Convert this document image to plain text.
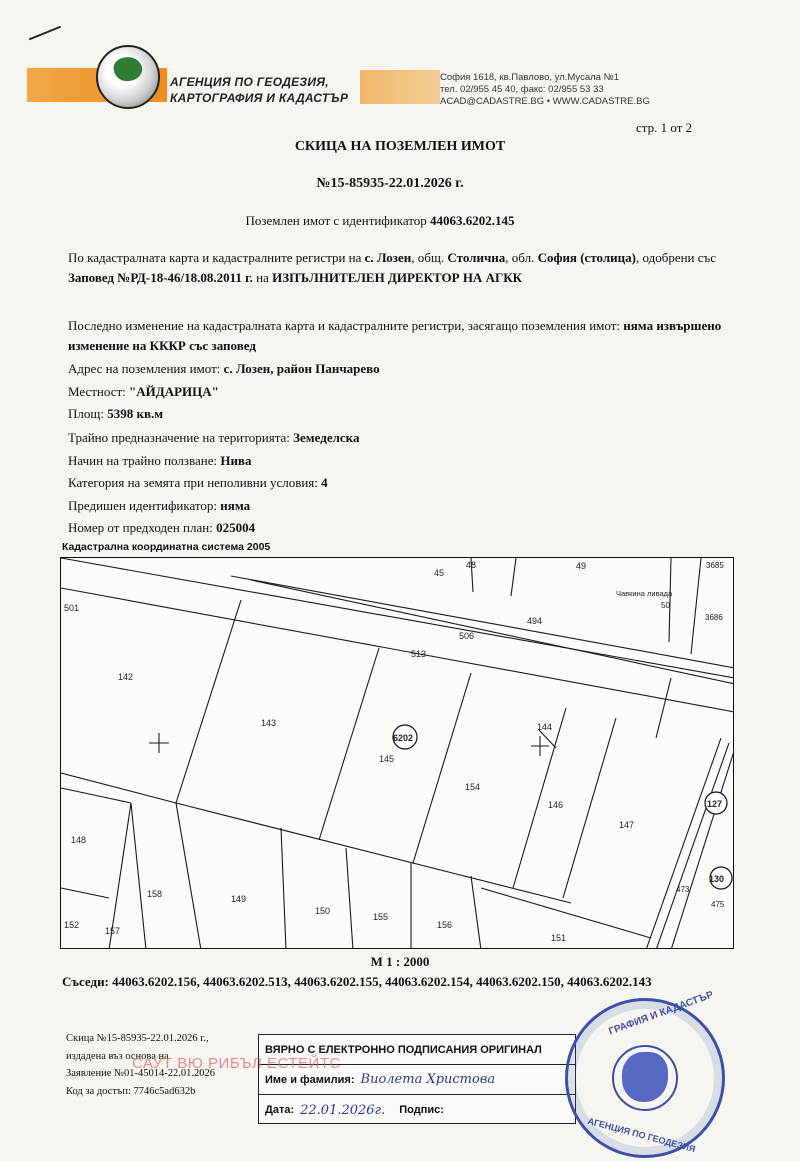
АГЕНЦИЯ ПО ГЕОДЕЗИЯ,
КАРТОГРАФИЯ И КАДАСТЪР
София 1618, кв.Павлово, ул.Мусала №1
тел. 02/955 45 40, факс: 02/955 53 33
ACAD@CADASTRE.BG • WWW.CADASTRE.BG
стр. 1 от 2
СКИЦА НА ПОЗЕМЛЕН ИМОТ
№15-85935-22.01.2026 г.
Поземлен имот с идентификатор 44063.6202.145
По кадастралната карта и кадастралните регистри на с. Лозен, общ. Столична, обл. София (столица), одобрени със Заповед №РД-18-46/18.08.2011 г. на ИЗПЪЛНИТЕЛЕН ДИРЕКТОР НА АГКК
Последно изменение на кадастралната карта и кадастралните регистри, засягащо поземления имот: няма извършено изменение на КККР със заповед
Адрес на поземления имот: с. Лозен, район Панчарево
Местност: "АЙДАРИЦА"
Площ: 5398 кв.м
Трайно предназначение на територията: Земеделска
Начин на трайно ползване: Нива
Категория на земята при неполивни условия: 4
Предишен идентификатор: няма
Номер от предходен план: 025004
Кадастрална координатна система 2005
45
48	49	3685
501
494
Чавкина ливада
50
3686
506
513
142
143
6202
145
144
154
146
147
127
130
148
158	149
150
155
156
151
152
157
473
475
М 1 : 2000
Съседи: 44063.6202.156, 44063.6202.513, 44063.6202.155, 44063.6202.154, 44063.6202.150, 44063.6202.143
Скица №15-85935-22.01.2026 г.,
издадена въз основа на
Заявление №01-45014-22.01.2026
Код за достъп: 7746c5ad632b
ВЯРНО С ЕЛЕКТРОННО ПОДПИСАНИЯ ОРИГИНАЛ
Име и фамилия: Виолета Христова
Дата: 22.01.2026г. Подпис:
САУТ ВЮ РИБЪЛ ЕСТЕЙТС
ГРАФИЯ И КАДАСТЪР
АГЕНЦИЯ ПО ГЕОДЕЗИЯ
